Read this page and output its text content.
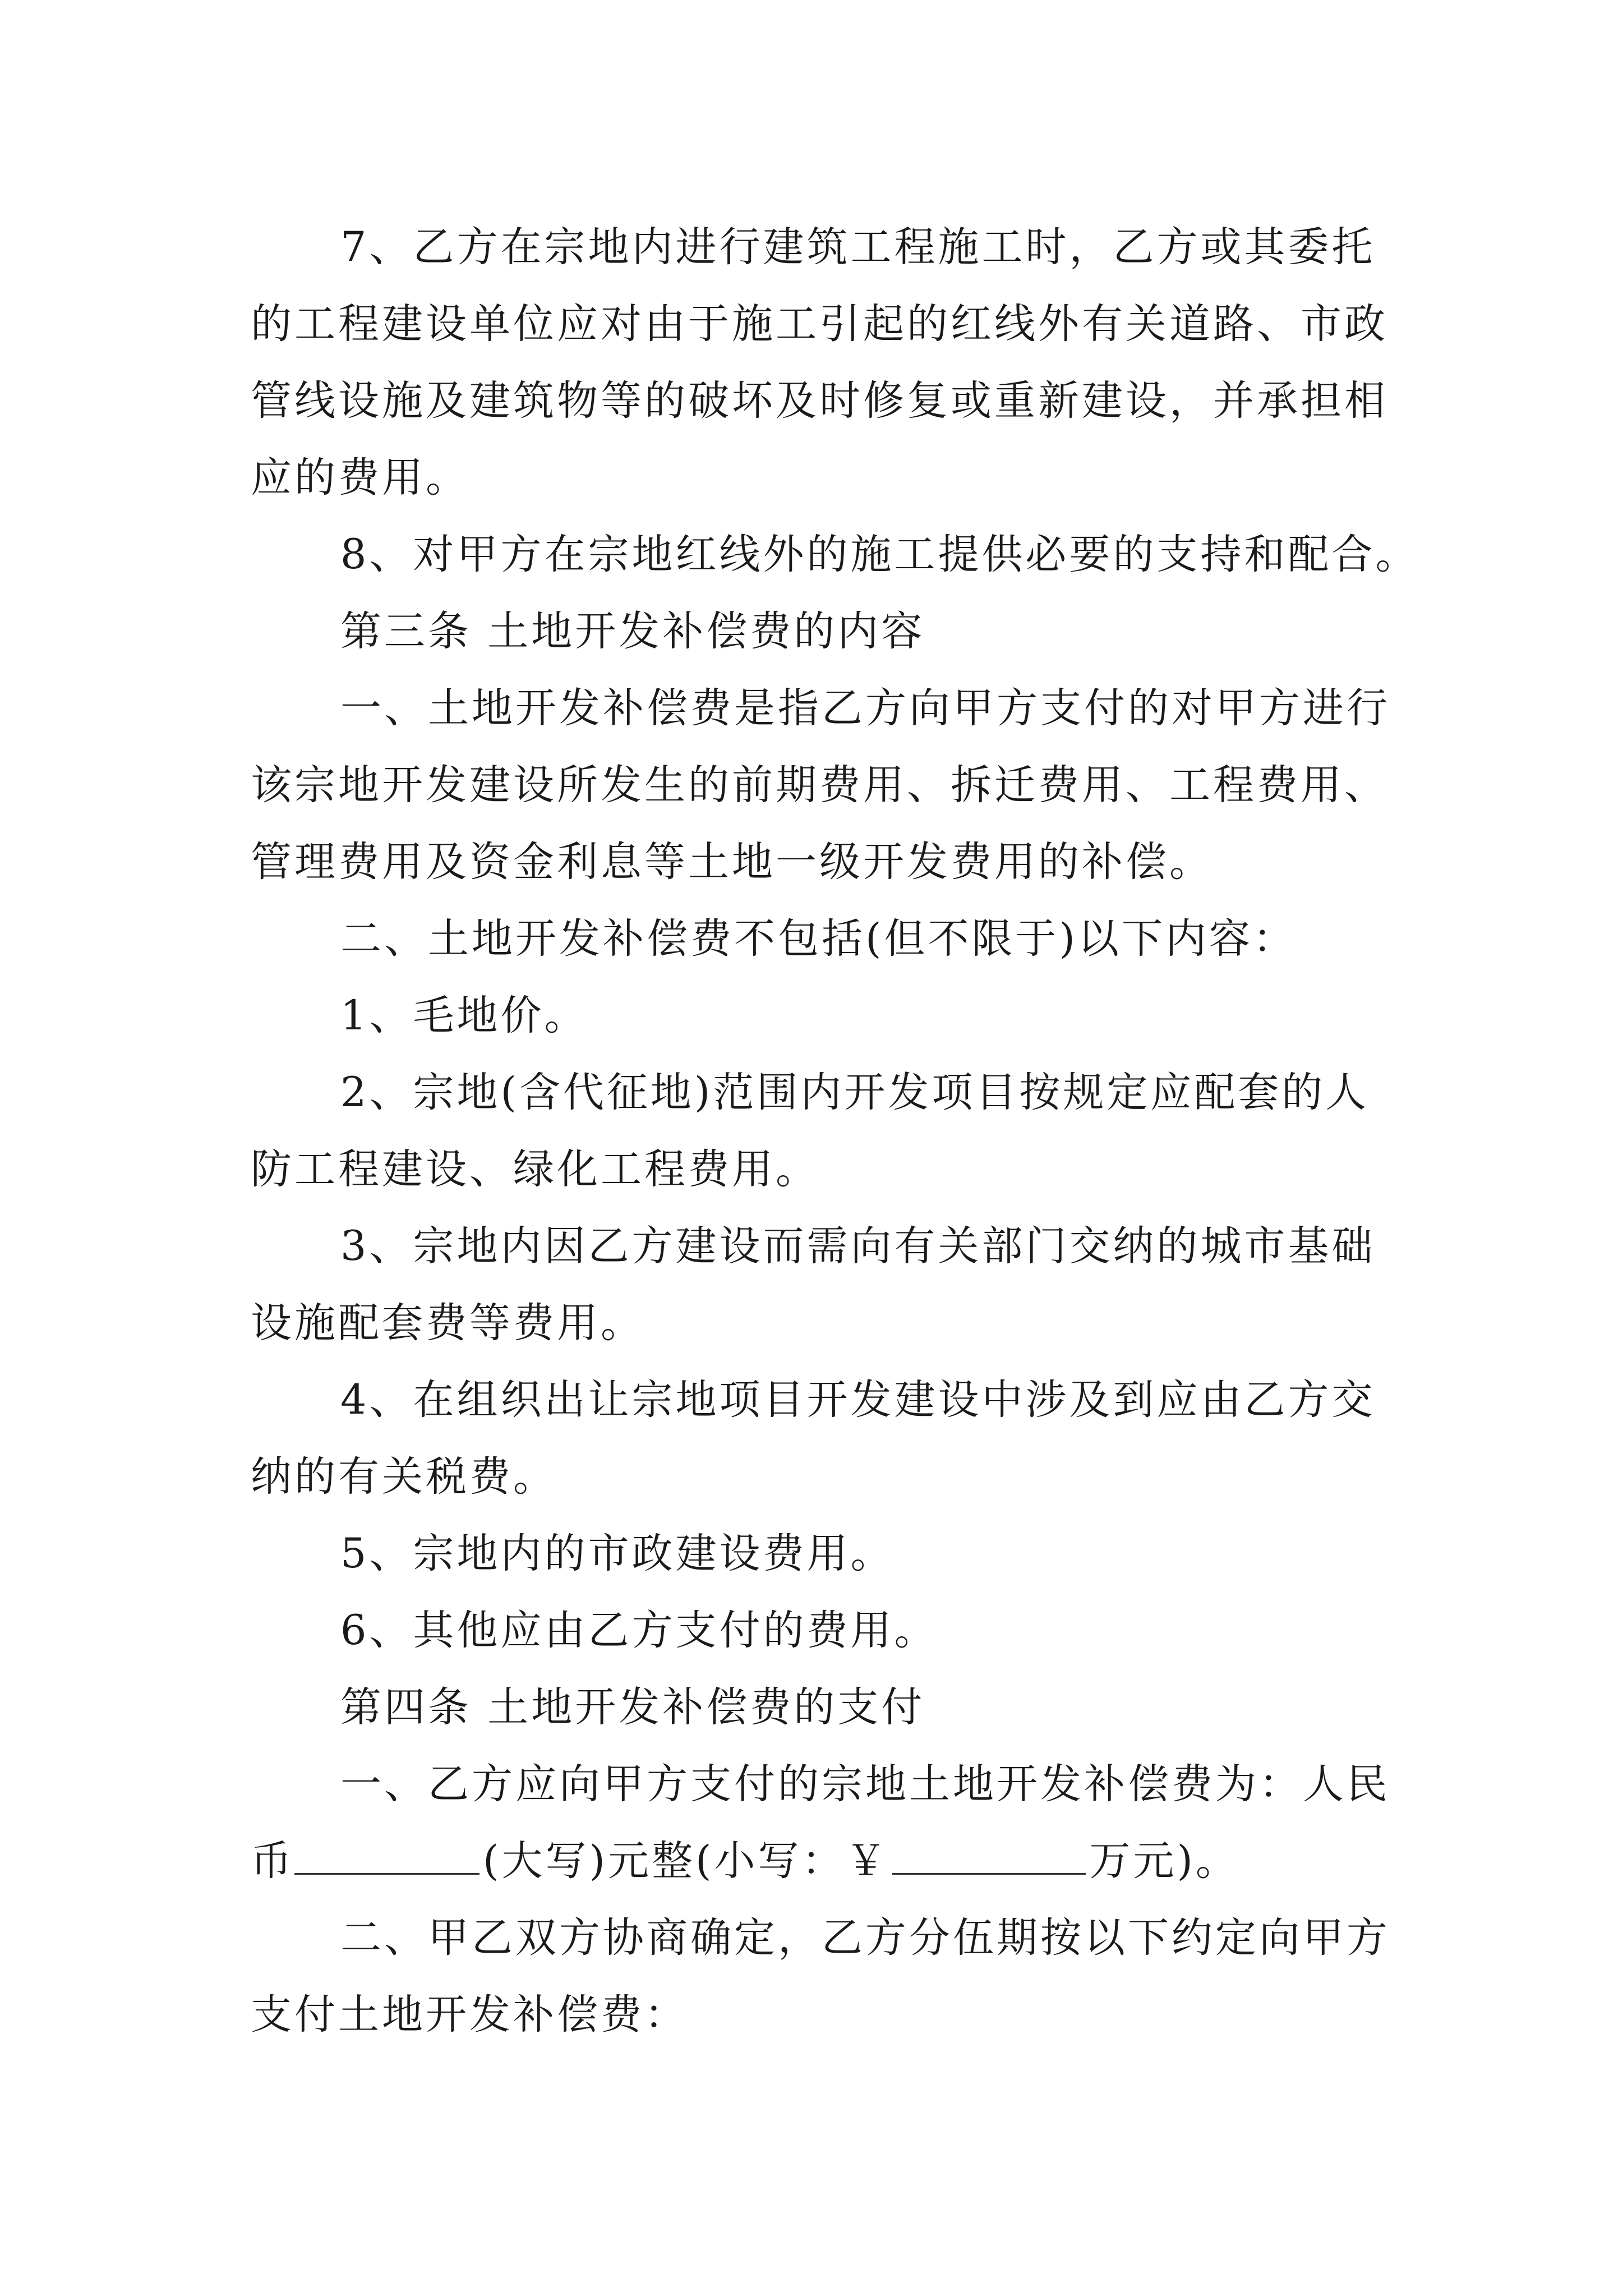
7、乙方在宗地内进行建筑工程施工时，乙方或其委托
的工程建设单位应对由于施工引起的红线外有关道路、市政
管线设施及建筑物等的破坏及时修复或重新建设，并承担相
应的费用。
8、对甲方在宗地红线外的施工提供必要的支持和配合。
第三条 土地开发补偿费的内容
一、土地开发补偿费是指乙方向甲方支付的对甲方进行
该宗地开发建设所发生的前期费用、拆迁费用、工程费用、
管理费用及资金利息等土地一级开发费用的补偿。
二、土地开发补偿费不包括(但不限于)以下内容：
1、毛地价。
2、宗地(含代征地)范围内开发项目按规定应配套的人
防工程建设、绿化工程费用。
3、宗地内因乙方建设而需向有关部门交纳的城市基础
设施配套费等费用。
4、在组织出让宗地项目开发建设中涉及到应由乙方交
纳的有关税费。
5、宗地内的市政建设费用。
6、其他应由乙方支付的费用。
第四条 土地开发补偿费的支付
一、乙方应向甲方支付的宗地土地开发补偿费为：人民
币	(大写)元整(小写：￥	万元)。
二、甲乙双方协商确定，乙方分伍期按以下约定向甲方
支付土地开发补偿费：
